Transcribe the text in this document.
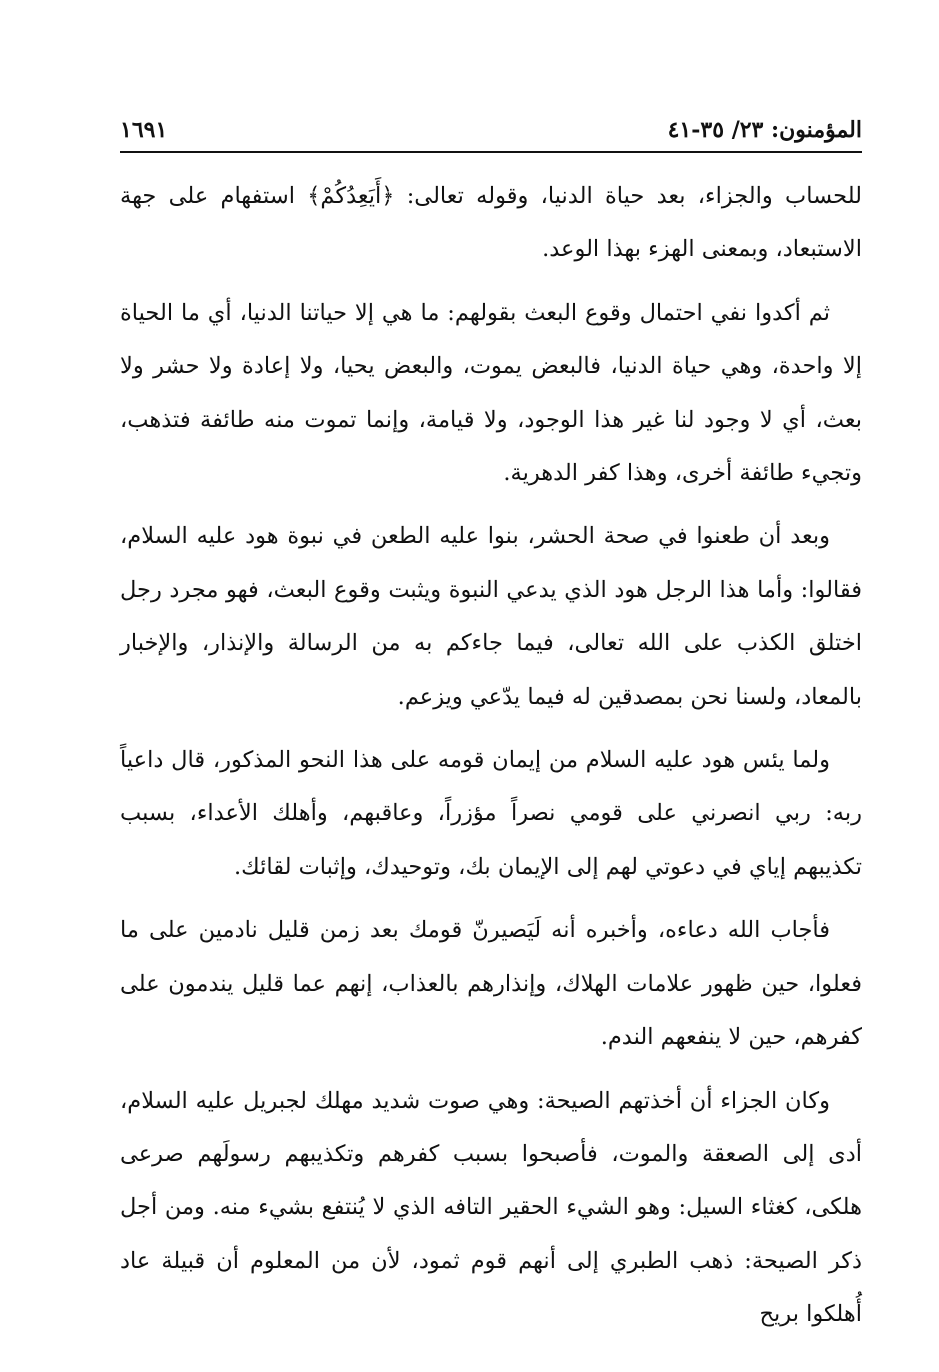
المؤمنون: ٢٣/ ٣٥-٤١
١٦٩١

للحساب والجزاء، بعد حياة الدنيا، وقوله تعالى: ﴿أَيَعِدُكُمْ﴾ استفهام على جهة الاستبعاد، وبمعنى الهزء بهذا الوعد.

ثم أكدوا نفي احتمال وقوع البعث بقولهم: ما هي إلا حياتنا الدنيا، أي ما الحياة إلا واحدة، وهي حياة الدنيا، فالبعض يموت، والبعض يحيا، ولا إعادة ولا حشر ولا بعث، أي لا وجود لنا غير هذا الوجود، ولا قيامة، وإنما تموت منه طائفة فتذهب، وتجيء طائفة أخرى، وهذا كفر الدهرية.

وبعد أن طعنوا في صحة الحشر، بنوا عليه الطعن في نبوة هود عليه السلام، فقالوا: وأما هذا الرجل هود الذي يدعي النبوة ويثبت وقوع البعث، فهو مجرد رجل اختلق الكذب على الله تعالى، فيما جاءكم به من الرسالة والإنذار، والإخبار بالمعاد، ولسنا نحن بمصدقين له فيما يدّعي ويزعم.

ولما يئس هود عليه السلام من إيمان قومه على هذا النحو المذكور، قال داعياً ربه: ربي انصرني على قومي نصراً مؤزراً، وعاقبهم، وأهلك الأعداء، بسبب تكذيبهم إياي في دعوتي لهم إلى الإيمان بك، وتوحيدك، وإثبات لقائك.

فأجاب الله دعاءه، وأخبره أنه لَيَصيرنّ قومك بعد زمن قليل نادمين على ما فعلوا، حين ظهور علامات الهلاك، وإنذارهم بالعذاب، إنهم عما قليل يندمون على كفرهم، حين لا ينفعهم الندم.

وكان الجزاء أن أخذتهم الصيحة: وهي صوت شديد مهلك لجبريل عليه السلام، أدى إلى الصعقة والموت، فأصبحوا بسبب كفرهم وتكذيبهم رسولَهم صرعى هلكى، كغثاء السيل: وهو الشيء الحقير التافه الذي لا يُنتفع بشيء منه. ومن أجل ذكر الصيحة: ذهب الطبري إلى أنهم قوم ثمود، لأن من المعلوم أن قبيلة عاد أُهلكوا بريح
